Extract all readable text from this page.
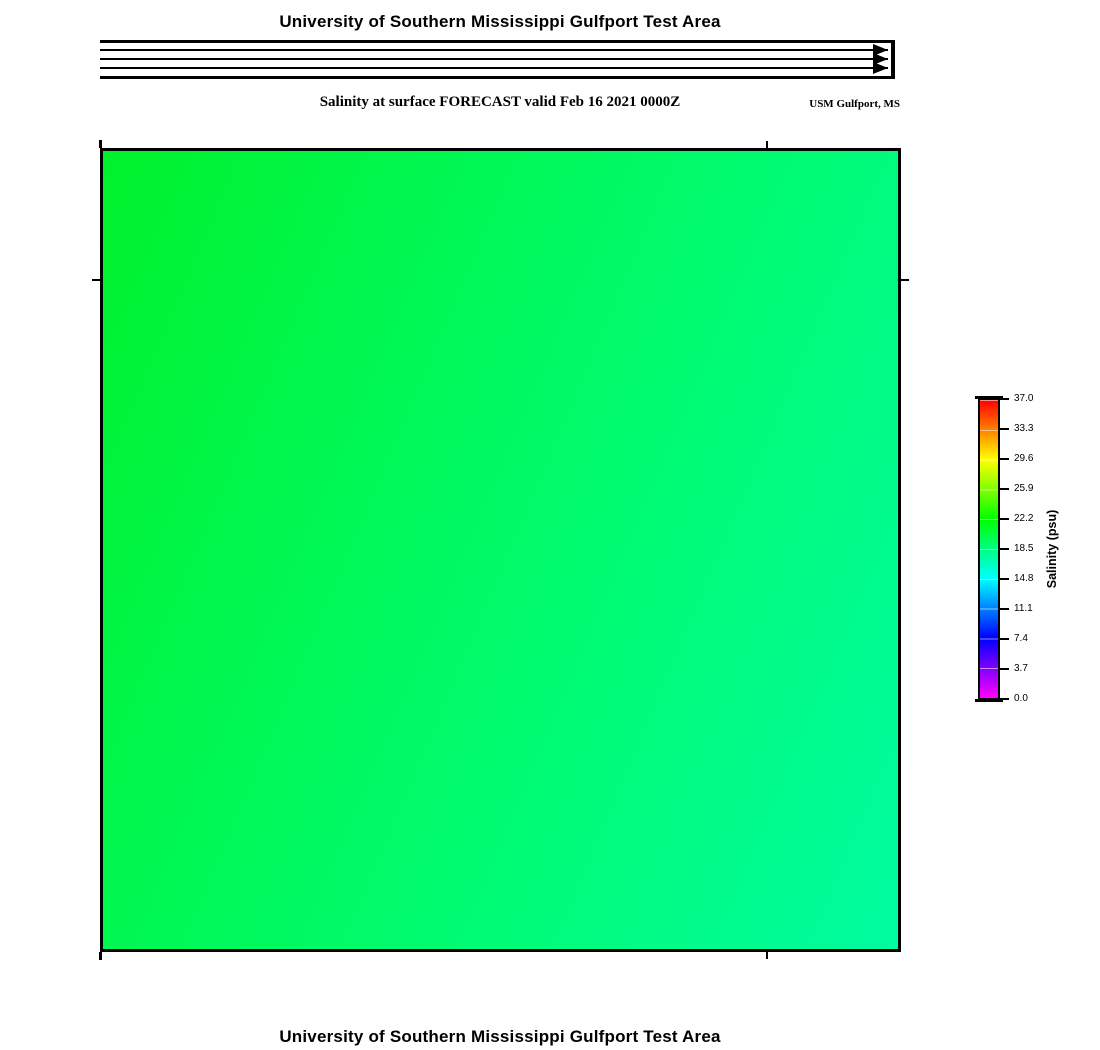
University of Southern Mississippi Gulfport Test Area
Salinity at surface FORECAST valid Feb 16 2021 0000Z	USM Gulfport, MS
37.0
33.3
29.6
25.9
22.2
18.5
14.8
11.1
7.4
3.7
0.0
Salinity (psu)
University of Southern Mississippi Gulfport Test Area
